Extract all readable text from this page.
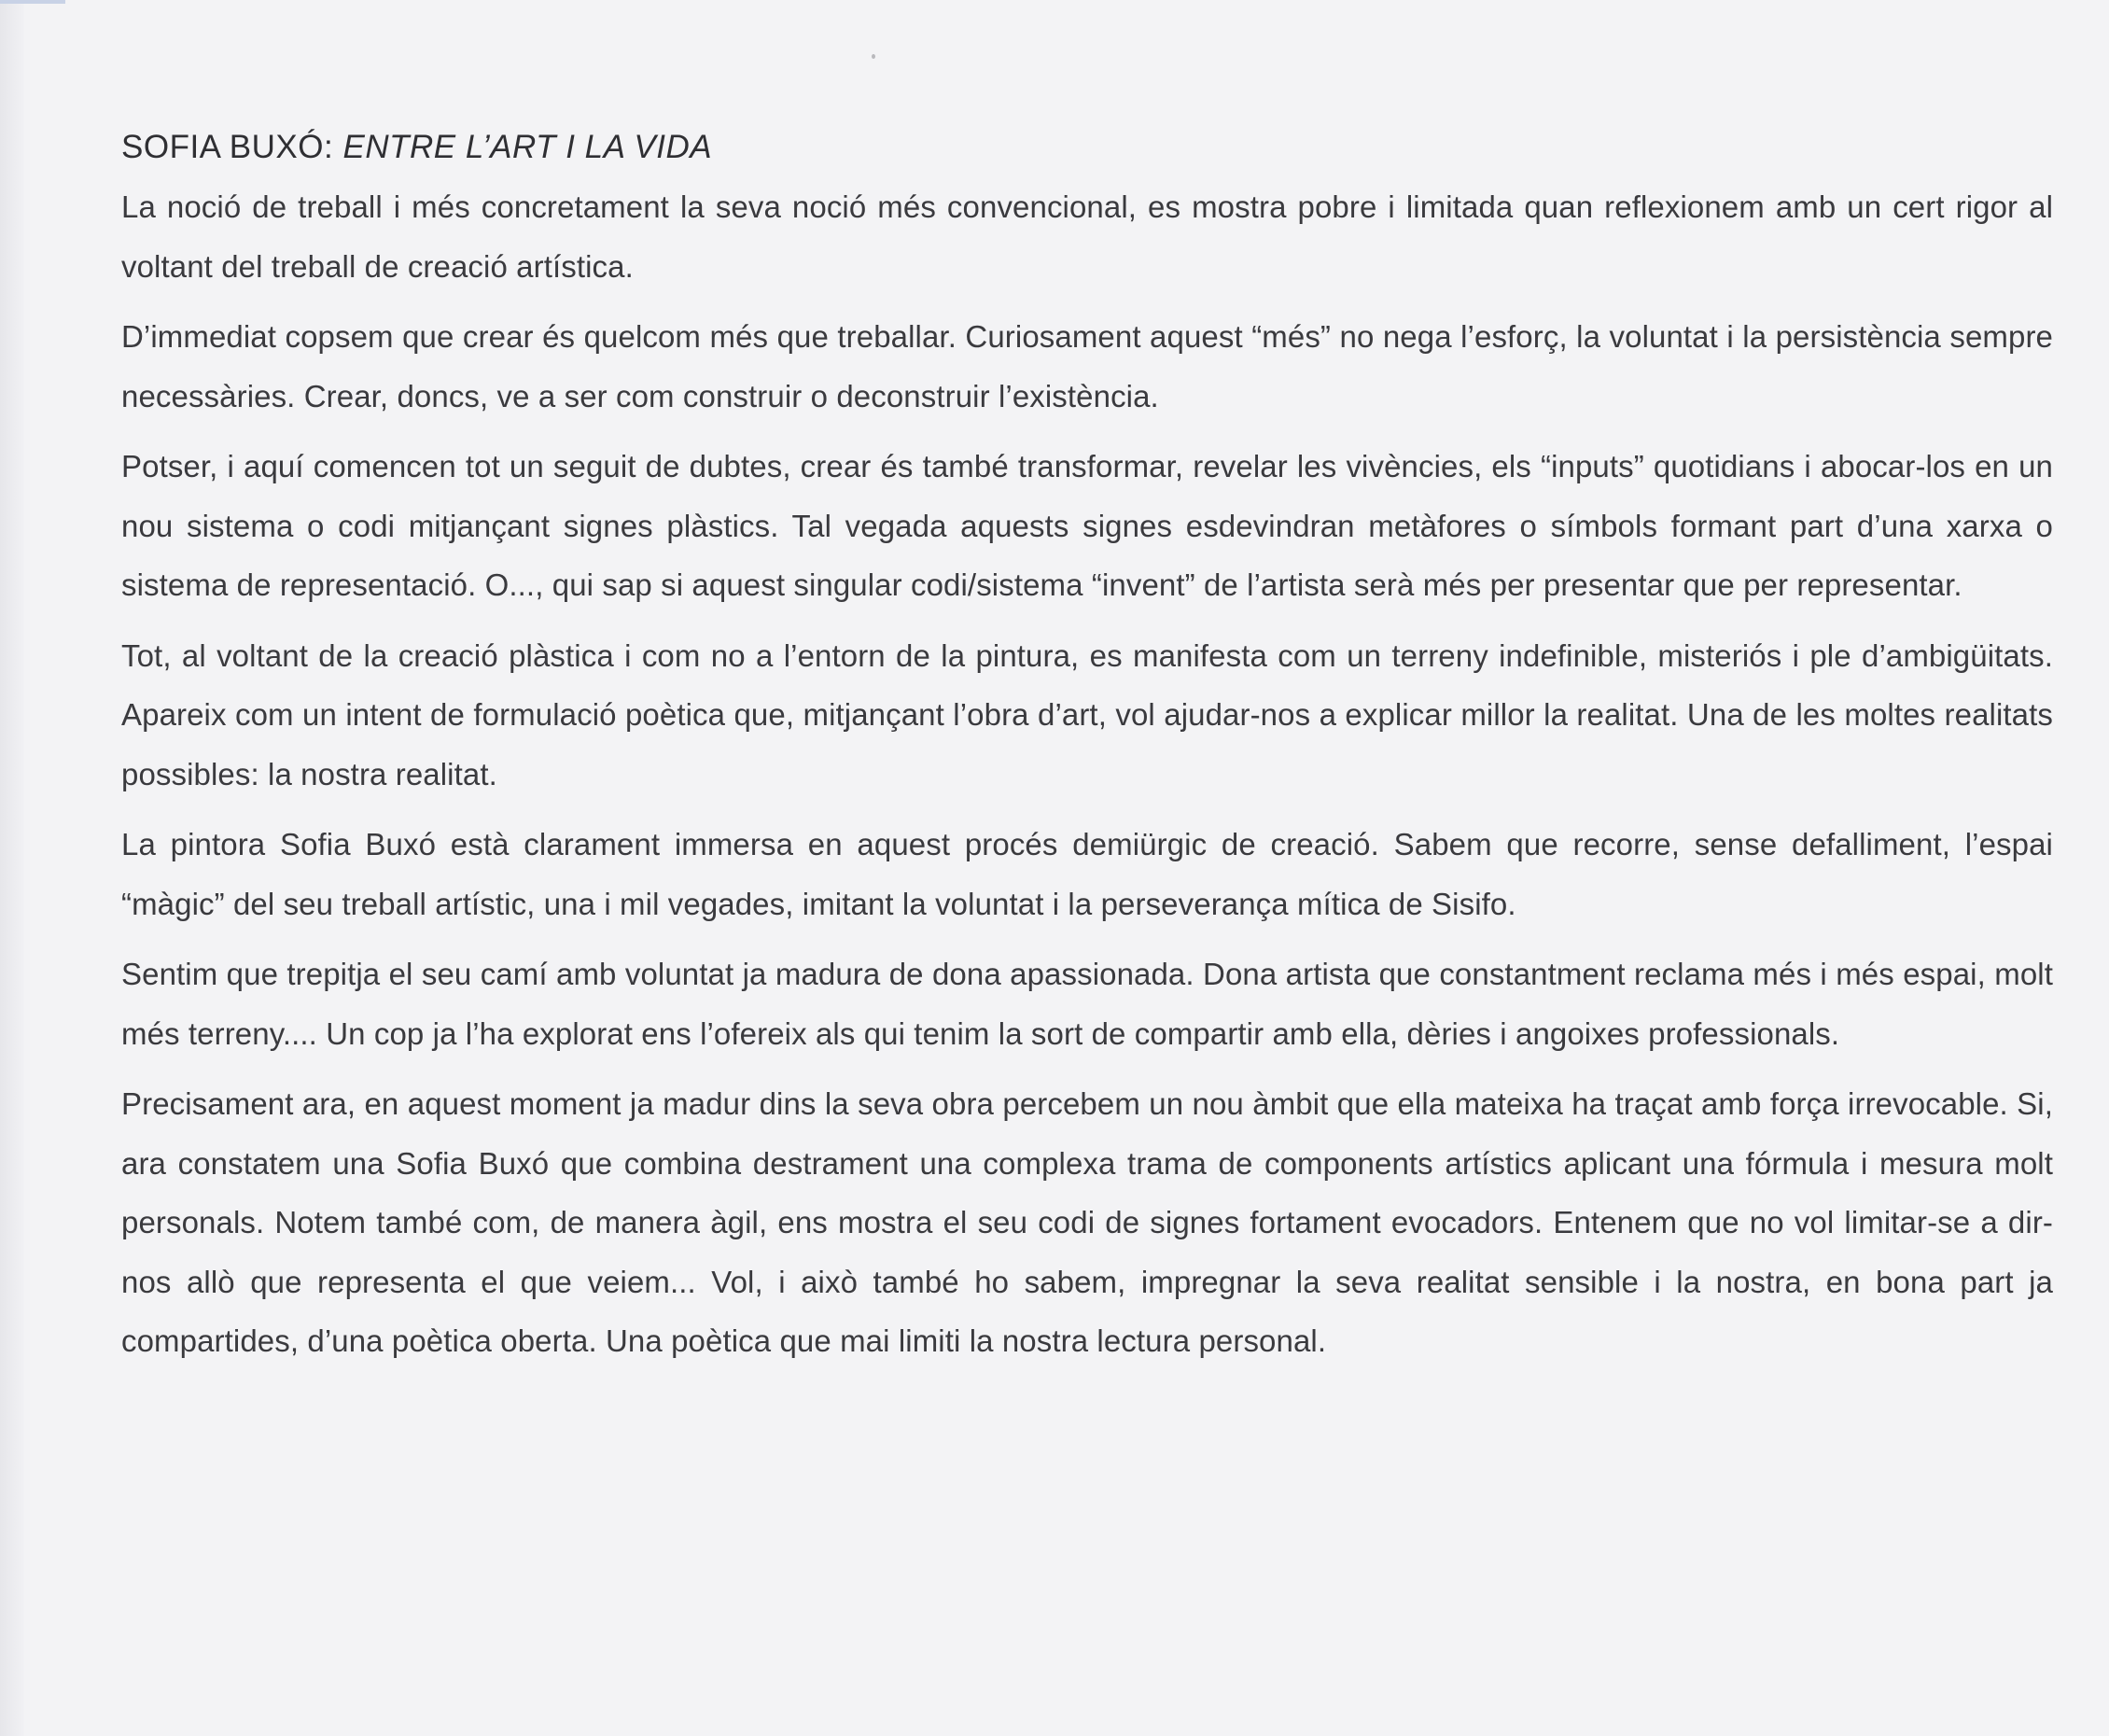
SOFIA BUXÓ: ENTRE L’ART I LA VIDA

La noció de treball i més concretament la seva noció més convencional, es mostra pobre i limitada quan reflexionem amb un cert rigor al voltant del treball de creació artística.

D’immediat copsem que crear és quelcom més que treballar. Curiosament aquest “més” no nega l’esforç, la voluntat i la persistència sempre necessàries. Crear, doncs, ve a ser com construir o deconstruir l’existència.

Potser, i aquí comencen tot un seguit de dubtes, crear és també transformar, revelar les vivències, els “inputs” quotidians i abocar-los en un nou sistema o codi mitjançant signes plàstics. Tal vegada aquests signes esdevindran metàfores o símbols formant part d’una xarxa o sistema de representació. O..., qui sap si aquest singular codi/sistema “invent” de l’artista serà més per presentar que per representar.

Tot, al voltant de la creació plàstica i com no a l’entorn de la pintura, es manifesta com un terreny indefinible, misteriós i ple d’ambigüitats. Apareix com un intent de formulació poètica que, mitjançant l’obra d’art, vol ajudar-nos a explicar millor la realitat. Una de les moltes realitats possibles: la nostra realitat.

La pintora Sofia Buxó està clarament immersa en aquest procés demiürgic de creació. Sabem que recorre, sense defalliment, l’espai “màgic” del seu treball artístic, una i mil vegades, imitant la voluntat i la perseverança mítica de Sisifo.

Sentim que trepitja el seu camí amb voluntat ja madura de dona apassionada. Dona artista que constantment reclama més i més espai, molt més terreny.... Un cop ja l’ha explorat ens l’ofereix als qui tenim la sort de compartir amb ella, dèries i angoixes professionals.

Precisament ara, en aquest moment ja madur dins la seva obra percebem un nou àmbit que ella mateixa ha traçat amb força irrevocable. Si, ara constatem una Sofia Buxó que combina destrament una complexa trama de components artístics aplicant una fórmula i mesura molt personals. Notem també com, de manera àgil, ens mostra el seu codi de signes fortament evocadors. Entenem que no vol limitar-se a dir-nos allò que representa el que veiem... Vol, i això també ho sabem, impregnar la seva realitat sensible i la nostra, en bona part ja compartides, d’una poètica oberta. Una poètica que mai limiti la nostra lectura personal.
